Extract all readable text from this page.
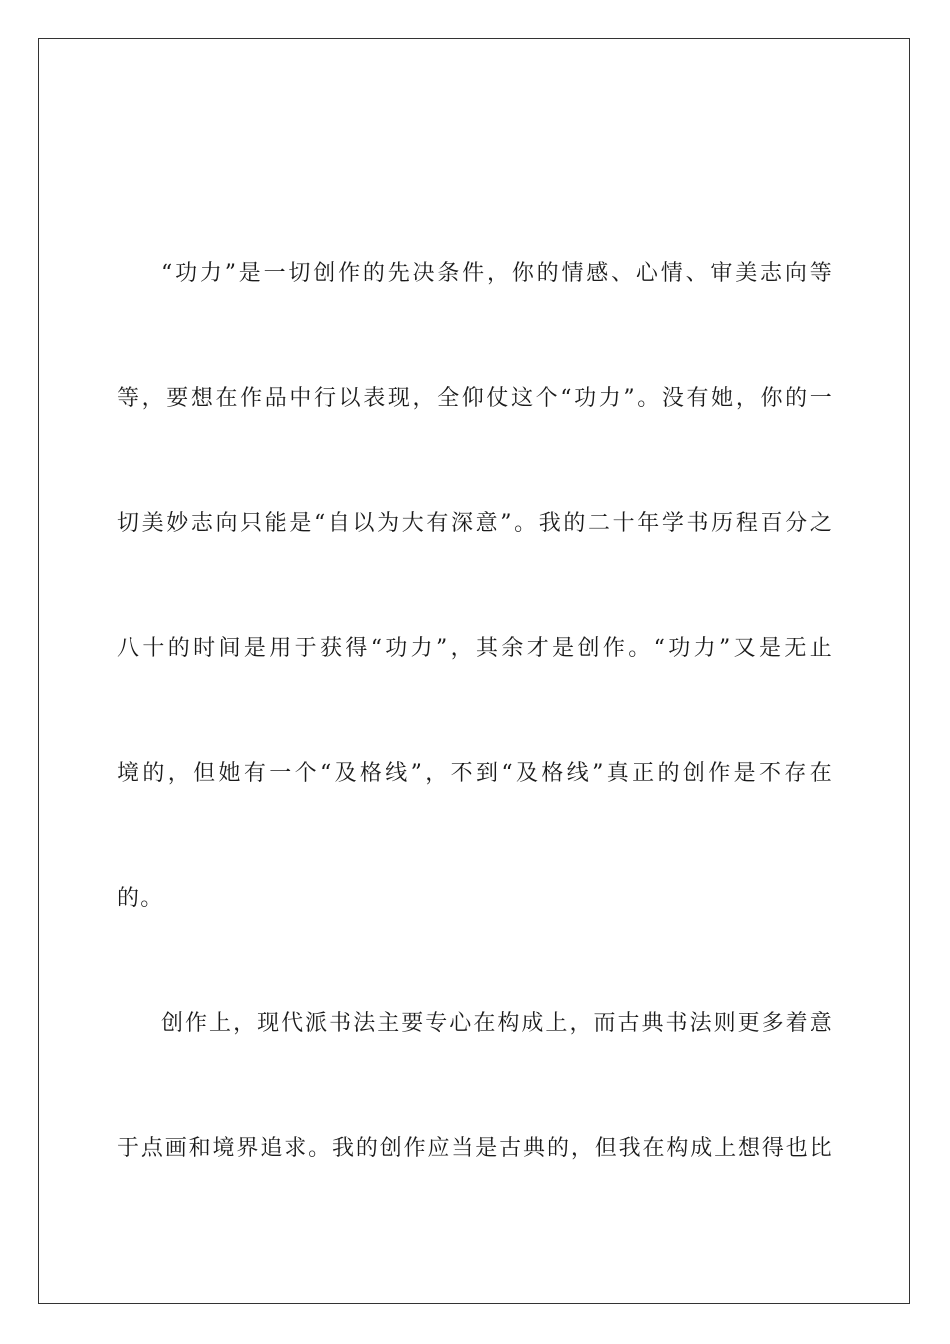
“功力”是一切创作的先决条件，你的情感、心情、审美志向等
等，要想在作品中行以表现，全仰仗这个“功力”。没有她，你的一
切美妙志向只能是“自以为大有深意”。我的二十年学书历程百分之
八十的时间是用于获得“功力”，其余才是创作。“功力”又是无止
境的，但她有一个“及格线”，不到“及格线”真正的创作是不存在
的。
创作上，现代派书法主要专心在构成上，而古典书法则更多着意
于点画和境界追求。我的创作应当是古典的，但我在构成上想得也比
